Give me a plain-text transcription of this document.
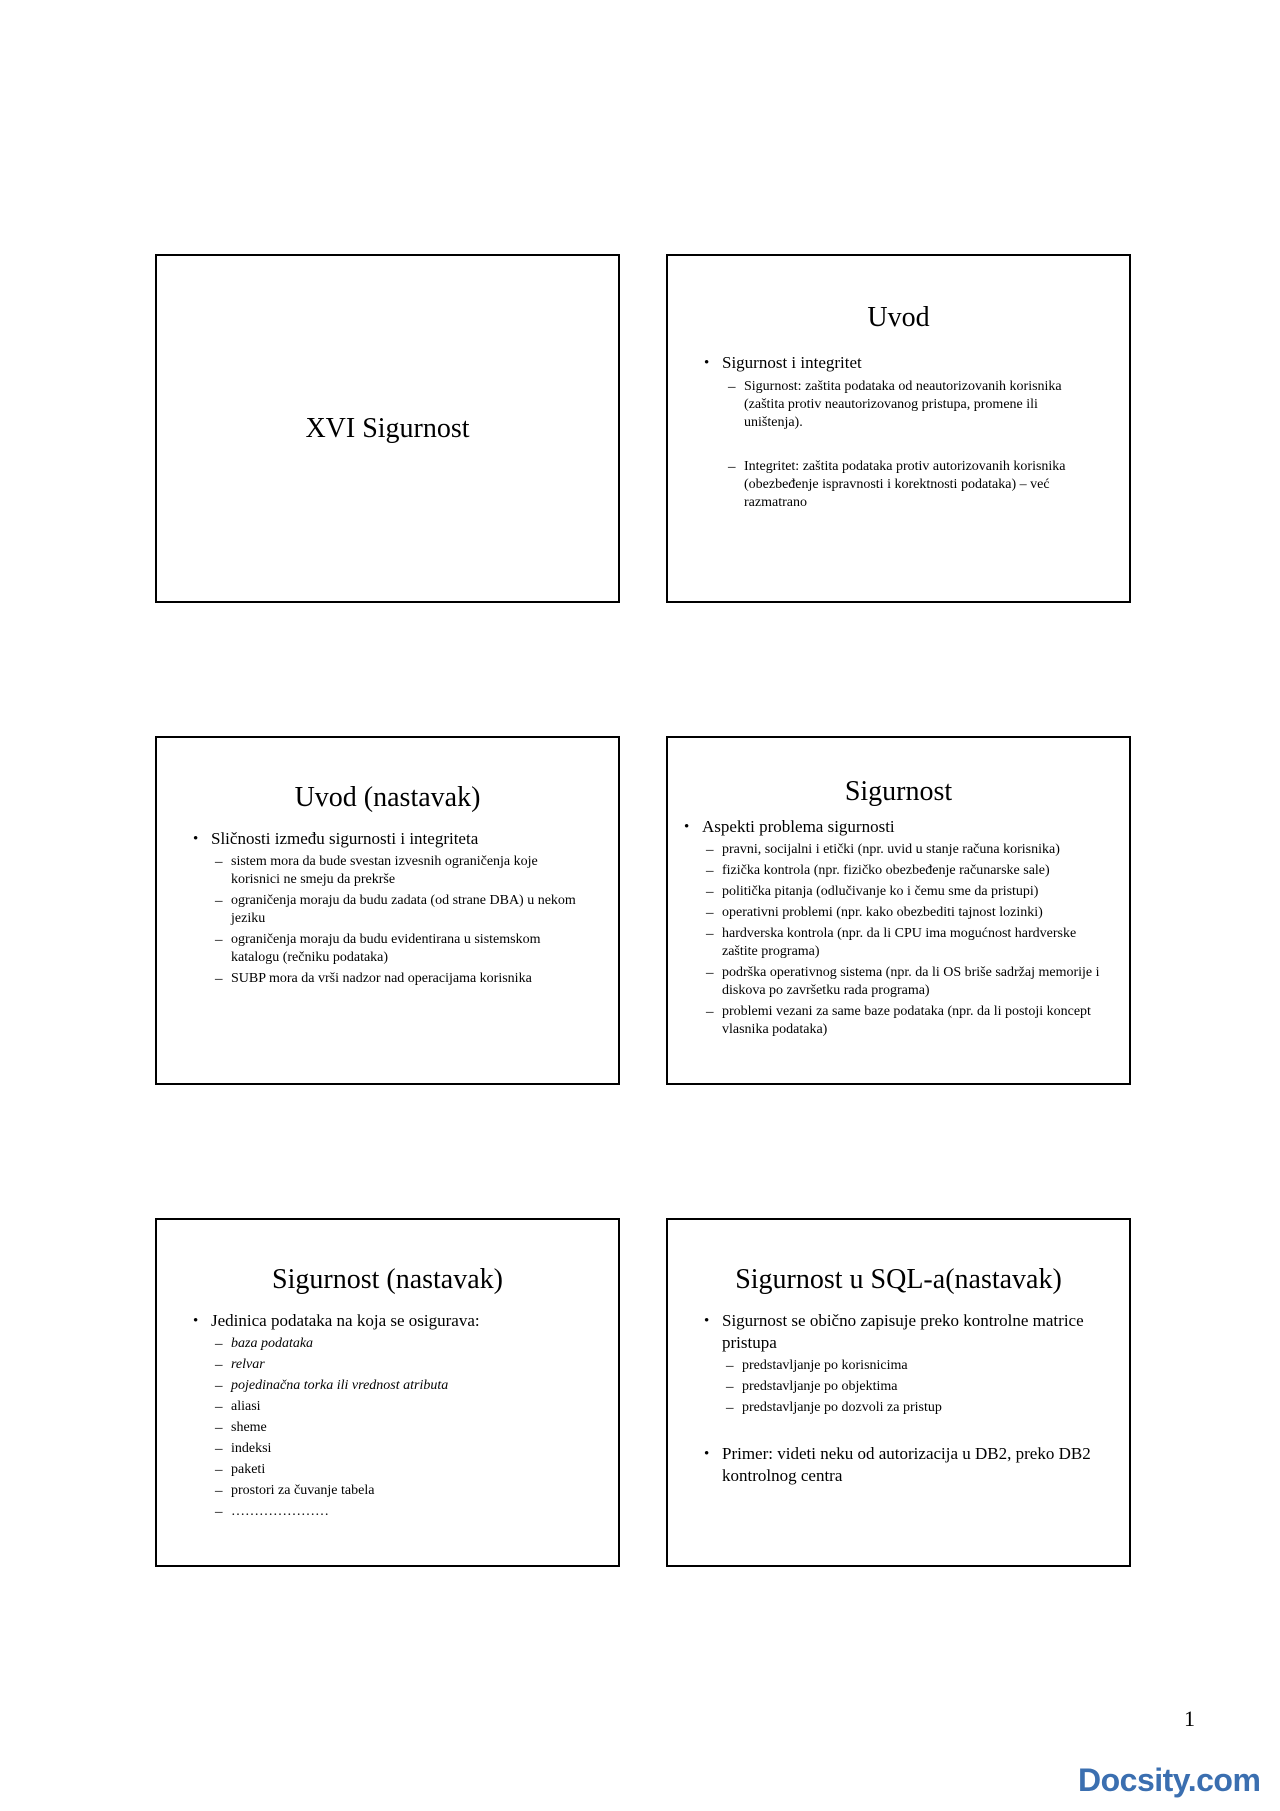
XVI Sigurnost
Uvod
• Sigurnost i integritet
– Sigurnost: zaštita podataka od neautorizovanih korisnika (zaštita protiv neautorizovanog pristupa, promene ili uništenja).
– Integritet: zaštita podataka protiv autorizovanih korisnika (obezbeđenje ispravnosti i korektnosti podataka) – već razmatrano
Uvod (nastavak)
• Sličnosti između sigurnosti i integriteta
– sistem mora da bude svestan izvesnih ograničenja koje korisnici ne smeju da prekrše
– ograničenja moraju da budu zadata (od strane DBA) u nekom jeziku
– ograničenja moraju da budu evidentirana u sistemskom katalogu (rečniku podataka)
– SUBP mora da vrši nadzor nad operacijama korisnika
Sigurnost
• Aspekti problema sigurnosti
– pravni, socijalni i etički (npr. uvid u stanje računa korisnika)
– fizička kontrola (npr. fizičko obezbeđenje računarske sale)
– politička pitanja (odlučivanje ko i čemu sme da pristupi)
– operativni problemi (npr. kako obezbediti tajnost lozinki)
– hardverska kontrola (npr. da li CPU ima mogućnost hardverske zaštite programa)
– podrška operativnog sistema (npr. da li OS briše sadržaj memorije i diskova po završetku rada programa)
– problemi vezani za same baze podataka (npr. da li postoji koncept vlasnika podataka)
Sigurnost (nastavak)
• Jedinica podataka na koja se osigurava:
– baza podataka
– relvar
– pojedinačna torka ili vrednost atributa
– aliasi
– sheme
– indeksi
– paketi
– prostori za čuvanje tabela
– …………………
Sigurnost u SQL-a(nastavak)
• Sigurnost se obično zapisuje preko kontrolne matrice pristupa
– predstavljanje po korisnicima
– predstavljanje po objektima
– predstavljanje po dozvoli za pristup
• Primer: videti neku od autorizacija u DB2, preko DB2 kontrolnog centra
1
Docsity.com
